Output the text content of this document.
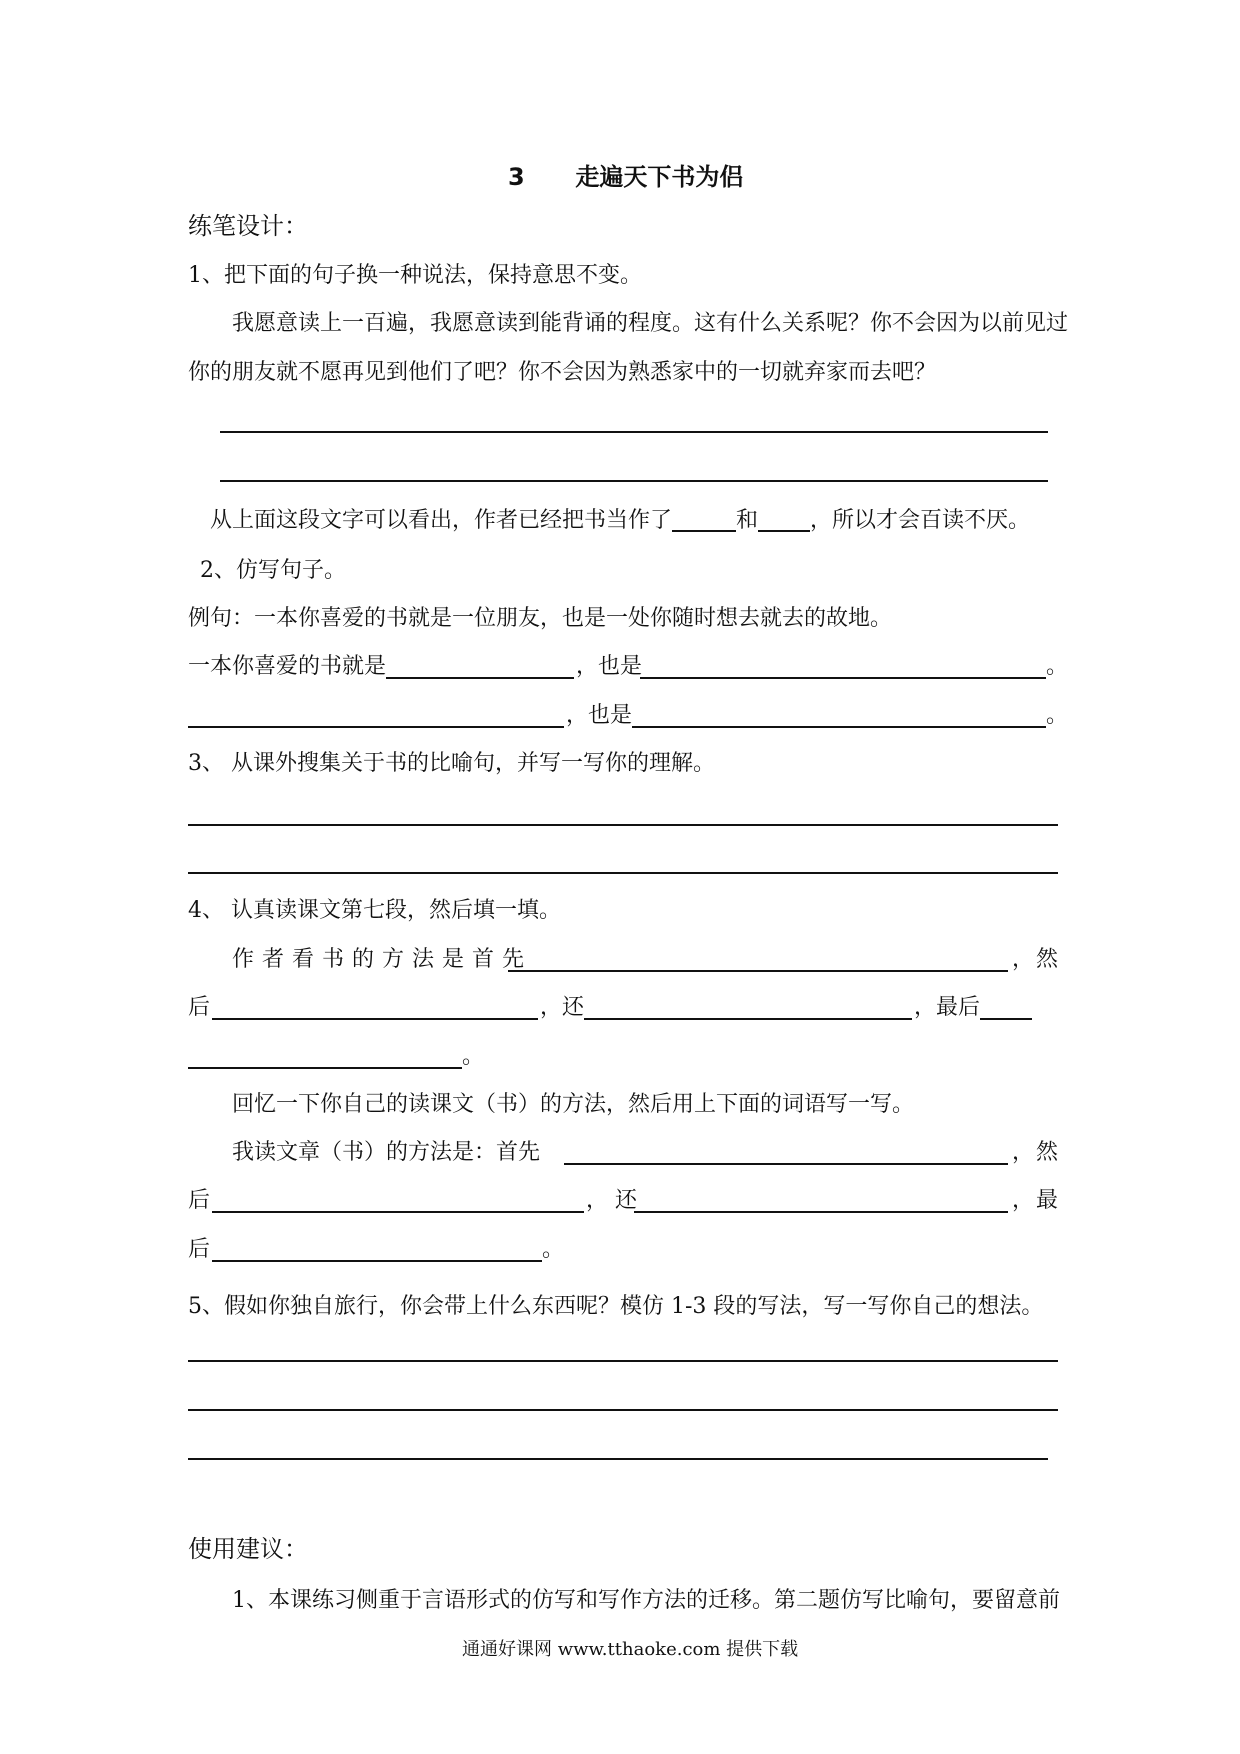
3 走遍天下书为侣
练笔设计：
1、把下面的句子换一种说法，保持意思不变。
我愿意读上一百遍，我愿意读到能背诵的程度。这有什么关系呢？你不会因为以前见过
你的朋友就不愿再见到他们了吧？你不会因为熟悉家中的一切就弃家而去吧？
从上面这段文字可以看出，作者已经把书当作了	和 ，所以才会百读不厌。
2、仿写句子。
例句：一本你喜爱的书就是一位朋友，也是一处你随时想去就去的故地。
一本你喜爱的书就是	，也是	。
，也是	。
3、 从课外搜集关于书的比喻句，并写一写你的理解。
4、 认真读课文第七段，然后填一填。
作者看书的方法是首先	， 然
后	，还	，最后
。
回忆一下你自己的读课文（书）的方法，然后用上下面的词语写一写。
我读文章（书）的方法是：首先	， 然
后	， 还	， 最
后	。
5、假如你独自旅行，你会带上什么东西呢？模仿 1-3 段的写法，写一写你自己的想法。
使用建议：
1、本课练习侧重于言语形式的仿写和写作方法的迁移。第二题仿写比喻句，要留意前
通通好课网 www.tthaoke.com 提供下载
